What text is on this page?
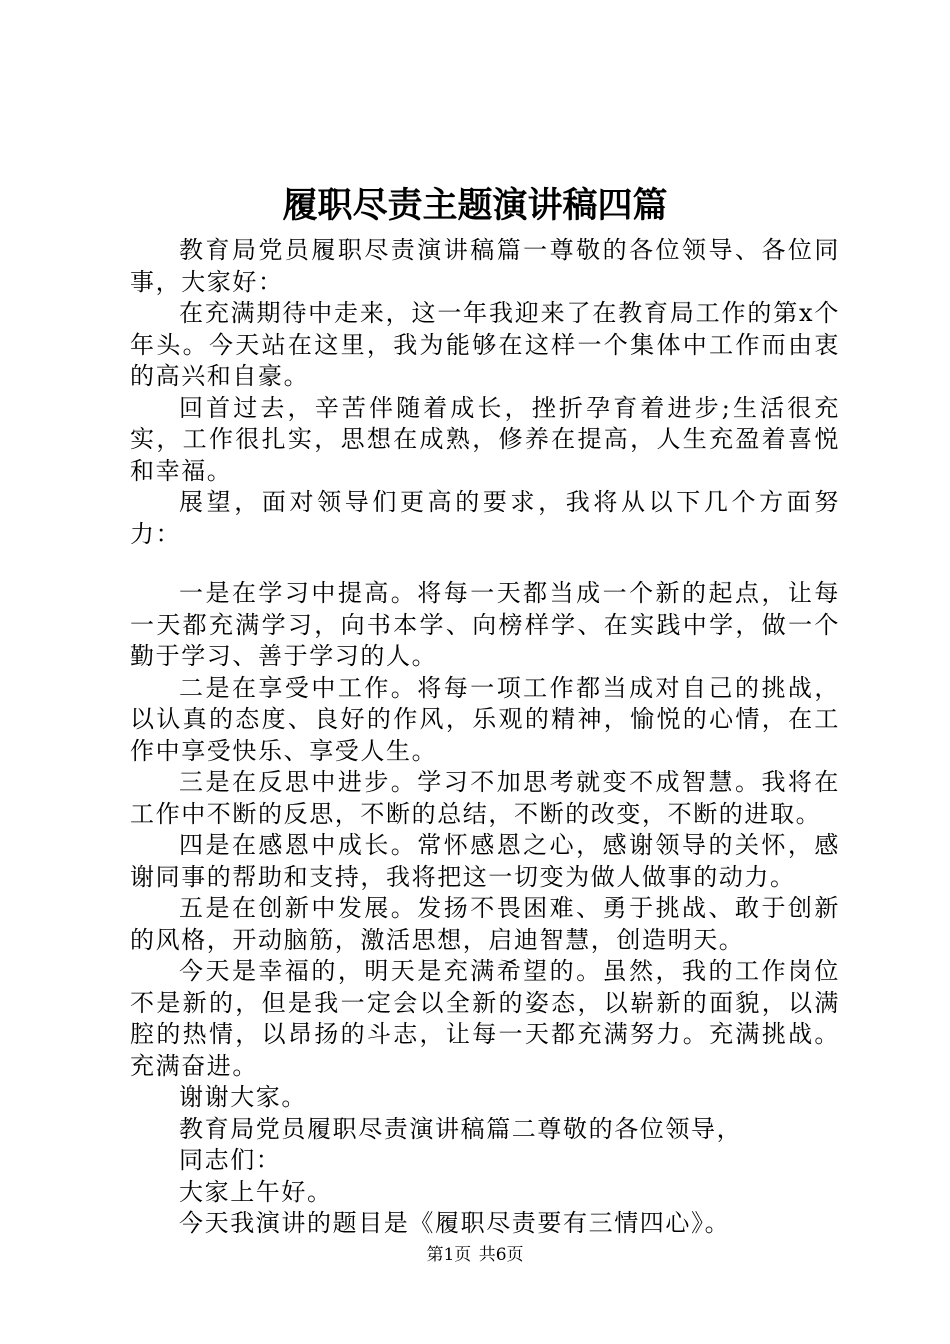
履职尽责主题演讲稿四篇

教育局党员履职尽责演讲稿篇一尊敬的各位领导、各位同事，大家好：

在充满期待中走来，这一年我迎来了在教育局工作的第x个年头。今天站在这里，我为能够在这样一个集体中工作而由衷的高兴和自豪。

回首过去，辛苦伴随着成长，挫折孕育着进步;生活很充实，工作很扎实，思想在成熟，修养在提高，人生充盈着喜悦和幸福。

展望，面对领导们更高的要求，我将从以下几个方面努力：

一是在学习中提高。将每一天都当成一个新的起点，让每一天都充满学习，向书本学、向榜样学、在实践中学，做一个勤于学习、善于学习的人。

二是在享受中工作。将每一项工作都当成对自己的挑战，以认真的态度、良好的作风，乐观的精神，愉悦的心情，在工作中享受快乐、享受人生。

三是在反思中进步。学习不加思考就变不成智慧。我将在工作中不断的反思，不断的总结，不断的改变，不断的进取。

四是在感恩中成长。常怀感恩之心，感谢领导的关怀，感谢同事的帮助和支持，我将把这一切变为做人做事的动力。

五是在创新中发展。发扬不畏困难、勇于挑战、敢于创新的风格，开动脑筋，激活思想，启迪智慧，创造明天。

今天是幸福的，明天是充满希望的。虽然，我的工作岗位不是新的，但是我一定会以全新的姿态，以崭新的面貌，以满腔的热情，以昂扬的斗志，让每一天都充满努力。充满挑战。充满奋进。

谢谢大家。

教育局党员履职尽责演讲稿篇二尊敬的各位领导，

同志们：

大家上午好。

今天我演讲的题目是《履职尽责要有三情四心》。

第1页 共6页
